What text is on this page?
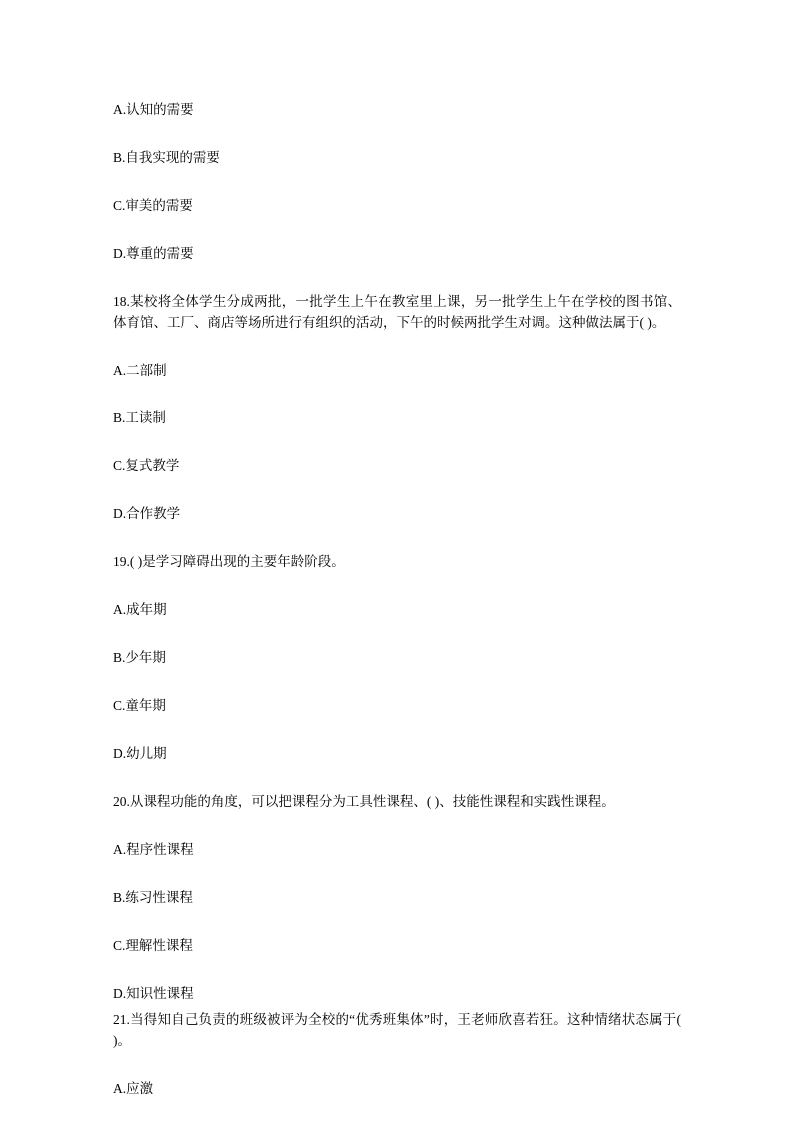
A.认知的需要

B.自我实现的需要

C.审美的需要

D.尊重的需要

18.某校将全体学生分成两批，一批学生上午在教室里上课，另一批学生上午在学校的图书馆、体育馆、工厂、商店等场所进行有组织的活动，下午的时候两批学生对调。这种做法属于( )。

A.二部制

B.工读制

C.复式教学

D.合作教学

19.( )是学习障碍出现的主要年龄阶段。

A.成年期

B.少年期

C.童年期

D.幼儿期

20.从课程功能的角度，可以把课程分为工具性课程、( )、技能性课程和实践性课程。

A.程序性课程

B.练习性课程

C.理解性课程

D.知识性课程

21.当得知自己负责的班级被评为全校的“优秀班集体”时，王老师欣喜若狂。这种情绪状态属于( )。

A.应激
